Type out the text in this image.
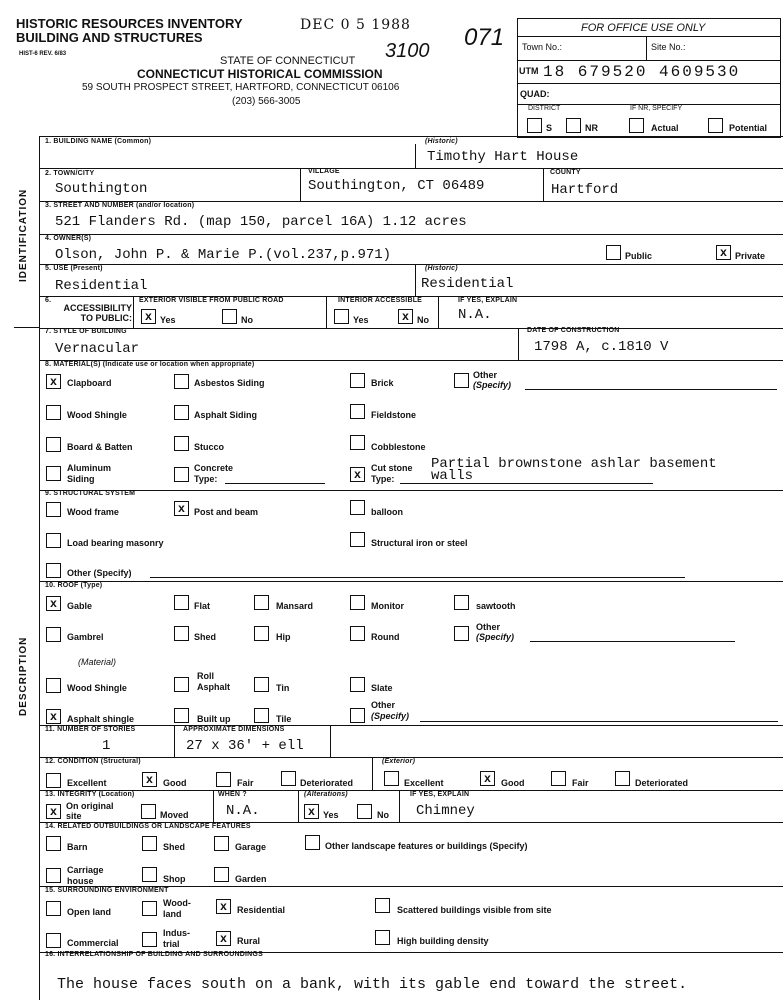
HISTORIC RESOURCES INVENTORY
BUILDING AND STRUCTURES
HIST-6 REV. 6/83
DEC 0 5 1988
3100 071
STATE OF CONNECTICUT
CONNECTICUT HISTORICAL COMMISSION
59 SOUTH PROSPECT STREET, HARTFORD, CONNECTICUT 06106
(203) 566-3005
FOR OFFICE USE ONLY
Town No.:	Site No.:
UTM 18 679520 4609530
QUAD:
DISTRICT	IF NR, SPECIFY
S	NR	Actual	Potential
IDENTIFICATION
DESCRIPTION
1. BUILDING NAME (Common)	(Historic)
Timothy Hart House
2. TOWN/CITY
Southington
VILLAGE
Southington, CT 06489
COUNTY
Hartford
3. STREET AND NUMBER (and/or location)
521 Flanders Rd. (map 150, parcel 16A) 1.12 acres
4. OWNER(S)
Olson, John P. & Marie P.(vol.237,p.971)	Public	x Private
5. USE (Present)
Residential
(Historic)
Residential
6.
ACCESSIBILITY TO PUBLIC:
EXTERIOR VISIBLE FROM PUBLIC ROAD
x Yes	No
INTERIOR ACCESSIBLE
Yes	x No
IF YES, EXPLAIN
N.A.
7. STYLE OF BUILDING
Vernacular
DATE OF CONSTRUCTION
1798 A, c.1810 V
8. MATERIAL(S) (Indicate use or location when appropriate)
x	Clapboard	Asbestos Siding	Brick
Other
(Specify)
Wood Shingle	Asphalt Siding	Fieldstone
Board & Batten	Stucco	Cobblestone
Aluminum
Siding
Concrete
Type:	x	Cut stone
Type:
Partial brownstone ashlar basement
walls
9. STRUCTURAL SYSTEM
Wood frame	x	Post and beam	balloon
Load bearing masonry	Structural iron or steel
Other (Specify)
10. ROOF (Type)
x	Gable	Flat	Mansard	Monitor	sawtooth
Gambrel	Shed	Hip	Round
Other
(Specify)
(Material)
Wood Shingle
Roll
Asphalt	Tin	Slate
x	Asphalt shingle	Built up	Tile
Other
(Specify)
11. NUMBER OF STORIES
1
APPROXIMATE DIMENSIONS
27 x 36' + ell
12. CONDITION (Structural)	(Exterior)
Excellent	x	Good	Fair	Deteriorated	Excellent	x	Good	Fair	Deteriorated
13. INTEGRITY (Location)
x	On original
site	Moved
WHEN ?
N.A.
(Alterations)
x Yes	No
IF YES, EXPLAIN
Chimney
14. RELATED OUTBUILDINGS OR LANDSCAPE FEATURES
Barn	Shed	Garage	Other landscape features or buildings (Specify)
Carriage
house	Shop	Garden
15. SURROUNDING ENVIRONMENT
Open land
Wood-
land
x	Residential	Scattered buildings visible from site
Commercial
Indus-
trial	x	Rural	High building density
16. INTERRELATIONSHIP OF BUILDING AND SURROUNDINGS
The house faces south on a bank, with its gable end toward the street.
